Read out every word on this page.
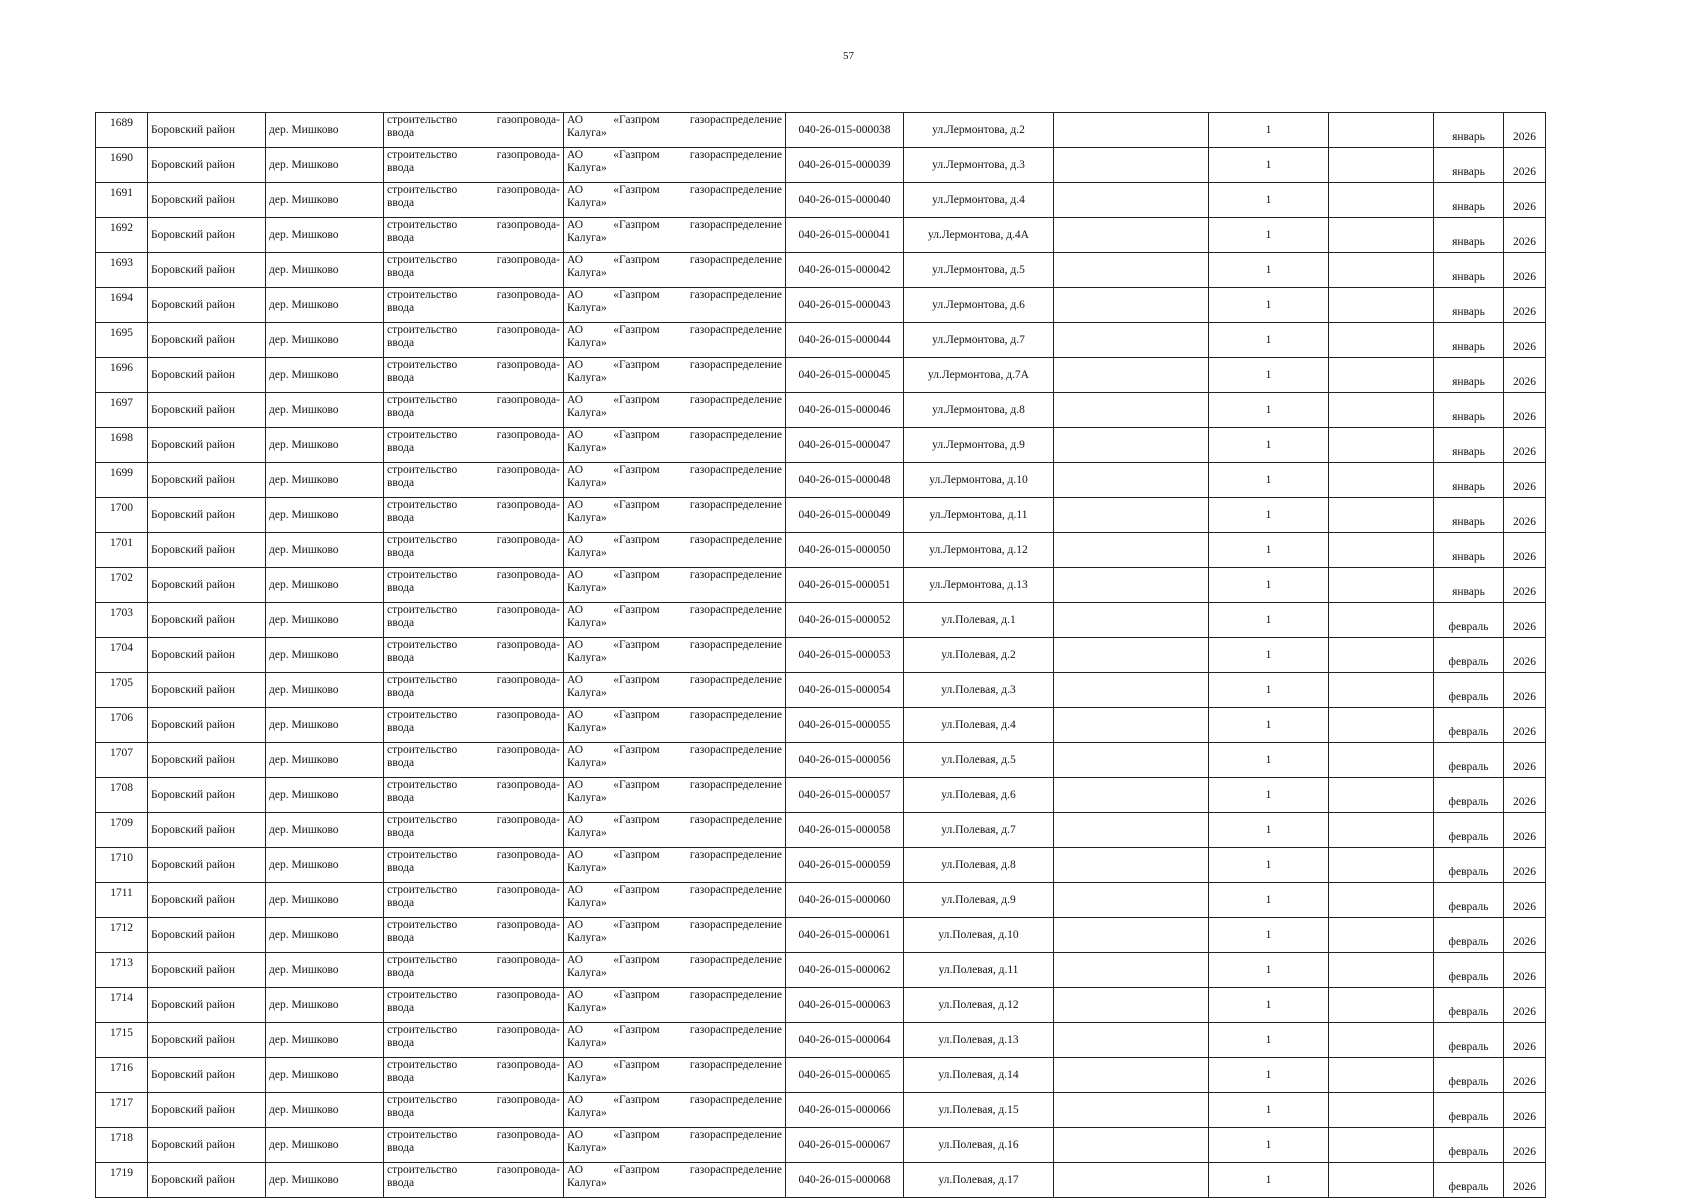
57
1689	Боровский район	дер. Мишково	строительство газопровода-
ввода	АО «Газпром газораспределение
Калуга»	040-26-015-000038	ул.Лермонтова, д.2		1		январь	2026
1690	Боровский район	дер. Мишково	строительство газопровода-
ввода	АО «Газпром газораспределение
Калуга»	040-26-015-000039	ул.Лермонтова, д.3		1		январь	2026
1691	Боровский район	дер. Мишково	строительство газопровода-
ввода	АО «Газпром газораспределение
Калуга»	040-26-015-000040	ул.Лермонтова, д.4		1		январь	2026
1692	Боровский район	дер. Мишково	строительство газопровода-
ввода	АО «Газпром газораспределение
Калуга»	040-26-015-000041	ул.Лермонтова, д.4А		1		январь	2026
1693	Боровский район	дер. Мишково	строительство газопровода-
ввода	АО «Газпром газораспределение
Калуга»	040-26-015-000042	ул.Лермонтова, д.5		1		январь	2026
1694	Боровский район	дер. Мишково	строительство газопровода-
ввода	АО «Газпром газораспределение
Калуга»	040-26-015-000043	ул.Лермонтова, д.6		1		январь	2026
1695	Боровский район	дер. Мишково	строительство газопровода-
ввода	АО «Газпром газораспределение
Калуга»	040-26-015-000044	ул.Лермонтова, д.7		1		январь	2026
1696	Боровский район	дер. Мишково	строительство газопровода-
ввода	АО «Газпром газораспределение
Калуга»	040-26-015-000045	ул.Лермонтова, д.7А		1		январь	2026
1697	Боровский район	дер. Мишково	строительство газопровода-
ввода	АО «Газпром газораспределение
Калуга»	040-26-015-000046	ул.Лермонтова, д.8		1		январь	2026
1698	Боровский район	дер. Мишково	строительство газопровода-
ввода	АО «Газпром газораспределение
Калуга»	040-26-015-000047	ул.Лермонтова, д.9		1		январь	2026
1699	Боровский район	дер. Мишково	строительство газопровода-
ввода	АО «Газпром газораспределение
Калуга»	040-26-015-000048	ул.Лермонтова, д.10		1		январь	2026
1700	Боровский район	дер. Мишково	строительство газопровода-
ввода	АО «Газпром газораспределение
Калуга»	040-26-015-000049	ул.Лермонтова, д.11		1		январь	2026
1701	Боровский район	дер. Мишково	строительство газопровода-
ввода	АО «Газпром газораспределение
Калуга»	040-26-015-000050	ул.Лермонтова, д.12		1		январь	2026
1702	Боровский район	дер. Мишково	строительство газопровода-
ввода	АО «Газпром газораспределение
Калуга»	040-26-015-000051	ул.Лермонтова, д.13		1		январь	2026
1703	Боровский район	дер. Мишково	строительство газопровода-
ввода	АО «Газпром газораспределение
Калуга»	040-26-015-000052	ул.Полевая, д.1		1		февраль	2026
1704	Боровский район	дер. Мишково	строительство газопровода-
ввода	АО «Газпром газораспределение
Калуга»	040-26-015-000053	ул.Полевая, д.2		1		февраль	2026
1705	Боровский район	дер. Мишково	строительство газопровода-
ввода	АО «Газпром газораспределение
Калуга»	040-26-015-000054	ул.Полевая, д.3		1		февраль	2026
1706	Боровский район	дер. Мишково	строительство газопровода-
ввода	АО «Газпром газораспределение
Калуга»	040-26-015-000055	ул.Полевая, д.4		1		февраль	2026
1707	Боровский район	дер. Мишково	строительство газопровода-
ввода	АО «Газпром газораспределение
Калуга»	040-26-015-000056	ул.Полевая, д.5		1		февраль	2026
1708	Боровский район	дер. Мишково	строительство газопровода-
ввода	АО «Газпром газораспределение
Калуга»	040-26-015-000057	ул.Полевая, д.6		1		февраль	2026
1709	Боровский район	дер. Мишково	строительство газопровода-
ввода	АО «Газпром газораспределение
Калуга»	040-26-015-000058	ул.Полевая, д.7		1		февраль	2026
1710	Боровский район	дер. Мишково	строительство газопровода-
ввода	АО «Газпром газораспределение
Калуга»	040-26-015-000059	ул.Полевая, д.8		1		февраль	2026
1711	Боровский район	дер. Мишково	строительство газопровода-
ввода	АО «Газпром газораспределение
Калуга»	040-26-015-000060	ул.Полевая, д.9		1		февраль	2026
1712	Боровский район	дер. Мишково	строительство газопровода-
ввода	АО «Газпром газораспределение
Калуга»	040-26-015-000061	ул.Полевая, д.10		1		февраль	2026
1713	Боровский район	дер. Мишково	строительство газопровода-
ввода	АО «Газпром газораспределение
Калуга»	040-26-015-000062	ул.Полевая, д.11		1		февраль	2026
1714	Боровский район	дер. Мишково	строительство газопровода-
ввода	АО «Газпром газораспределение
Калуга»	040-26-015-000063	ул.Полевая, д.12		1		февраль	2026
1715	Боровский район	дер. Мишково	строительство газопровода-
ввода	АО «Газпром газораспределение
Калуга»	040-26-015-000064	ул.Полевая, д.13		1		февраль	2026
1716	Боровский район	дер. Мишково	строительство газопровода-
ввода	АО «Газпром газораспределение
Калуга»	040-26-015-000065	ул.Полевая, д.14		1		февраль	2026
1717	Боровский район	дер. Мишково	строительство газопровода-
ввода	АО «Газпром газораспределение
Калуга»	040-26-015-000066	ул.Полевая, д.15		1		февраль	2026
1718	Боровский район	дер. Мишково	строительство газопровода-
ввода	АО «Газпром газораспределение
Калуга»	040-26-015-000067	ул.Полевая, д.16		1		февраль	2026
1719	Боровский район	дер. Мишково	строительство газопровода-
ввода	АО «Газпром газораспределение
Калуга»	040-26-015-000068	ул.Полевая, д.17		1		февраль	2026
